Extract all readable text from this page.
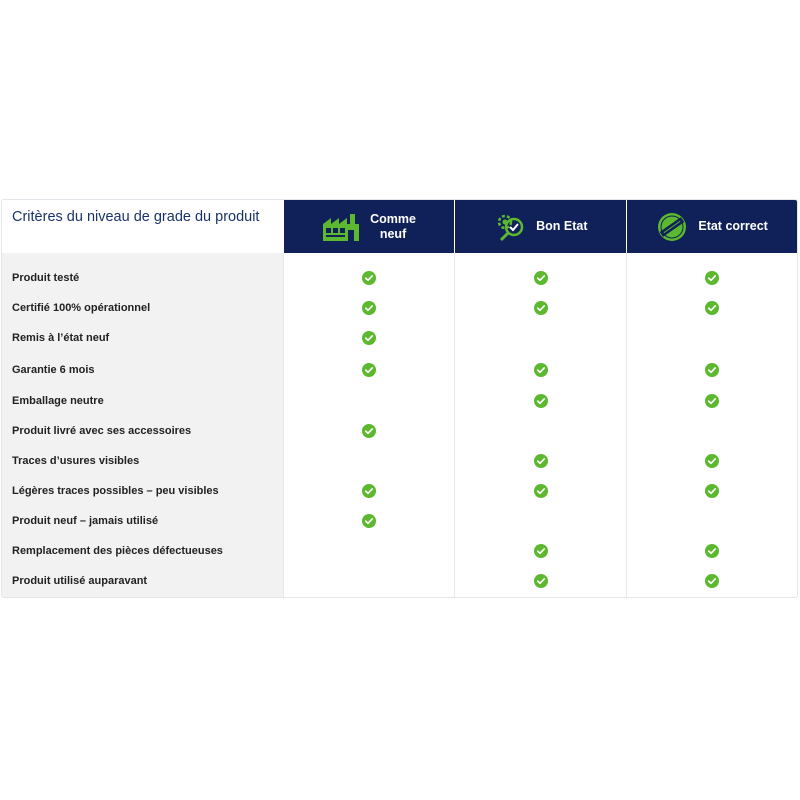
Critères du niveau de grade du produit	Comme
neuf
Bon Etat	Etat correct
Produit testé
Certifié 100% opérationnel
Remis à l’état neuf
Garantie 6 mois
Emballage neutre
Produit livré avec ses accessoires
Traces d’usures visibles
Légères traces possibles – peu visibles
Produit neuf – jamais utilisé
Remplacement des pièces défectueuses
Produit utilisé auparavant
